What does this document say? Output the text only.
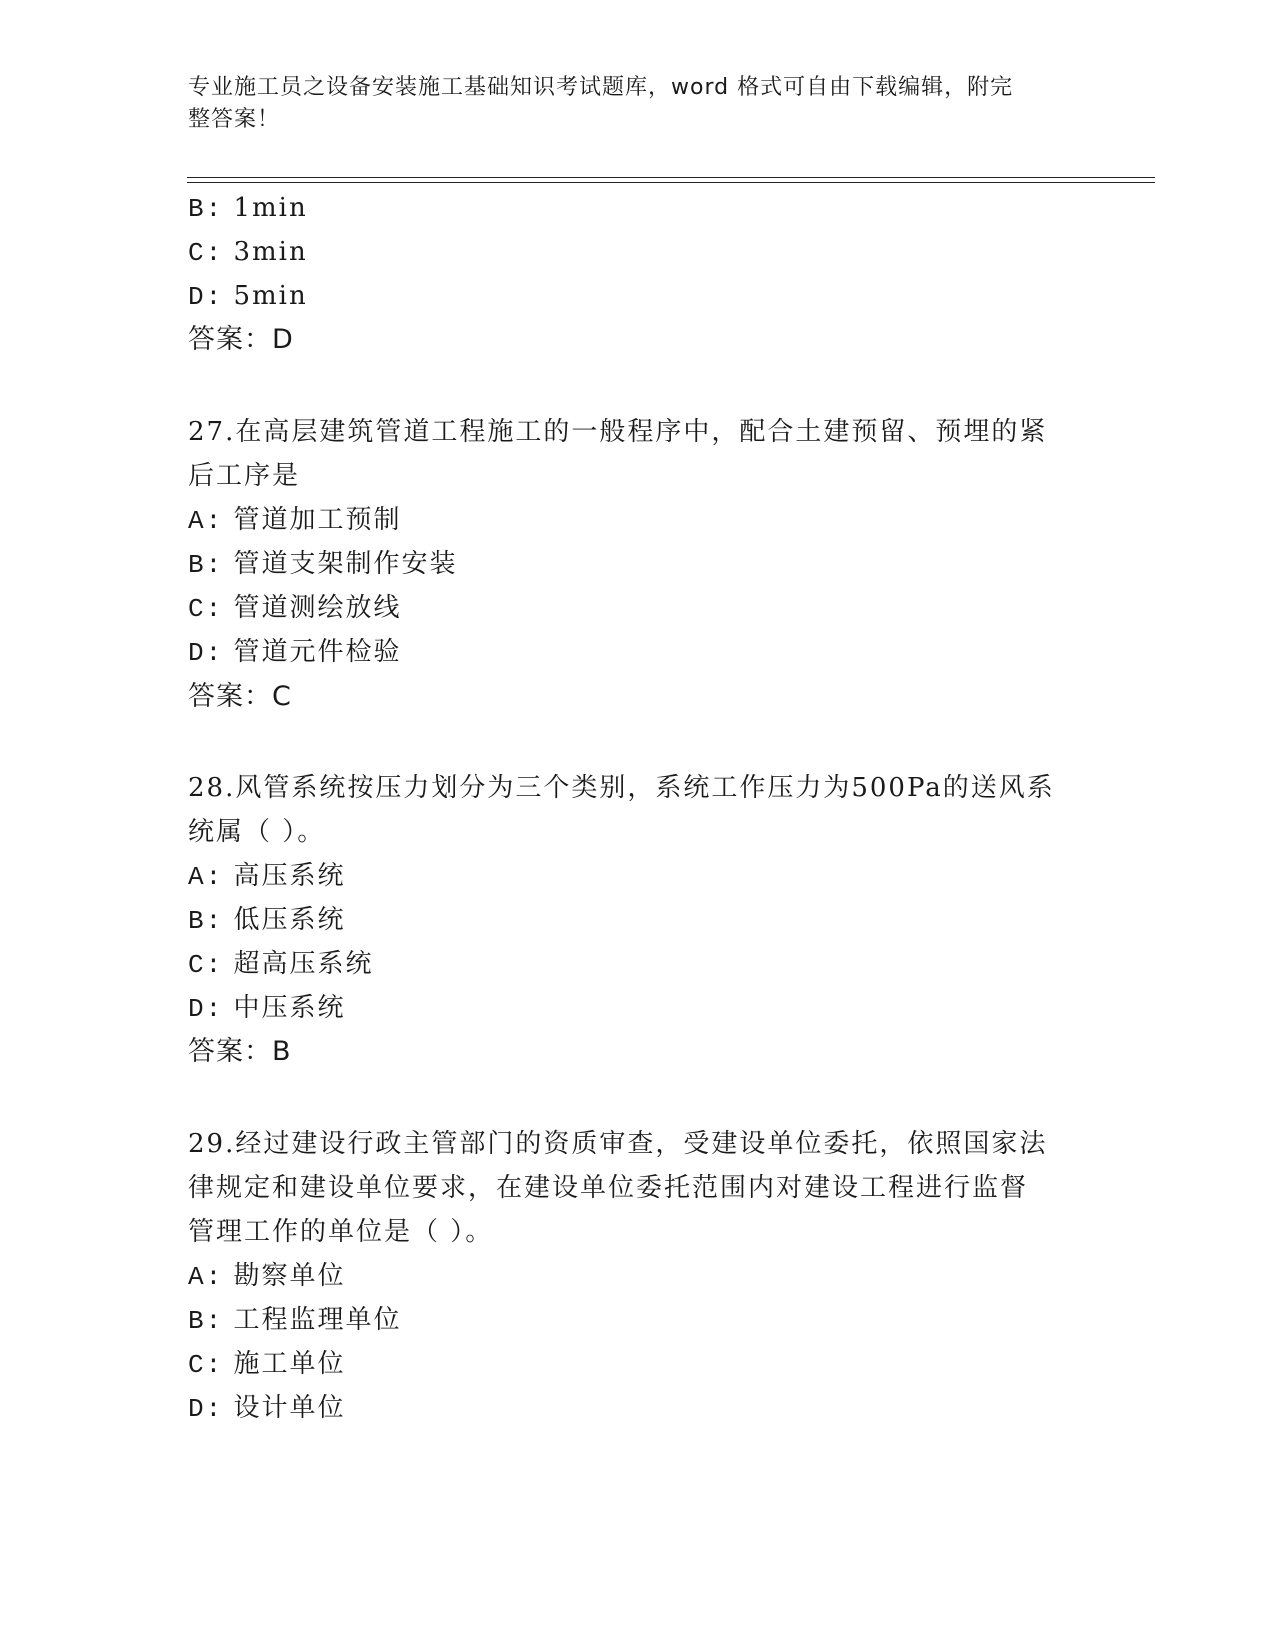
专业施工员之设备安装施工基础知识考试题库，word 格式可自由下载编辑，附完
整答案！
B: 1min
C: 3min
D: 5min
答案：D
27.在高层建筑管道工程施工的一般程序中，配合土建预留、预埋的紧
后工序是
A: 管道加工预制
B: 管道支架制作安装
C: 管道测绘放线
D: 管道元件检验
答案：C
28.风管系统按压力划分为三个类别，系统工作压力为500Pa的送风系
统属（ ）。
A: 高压系统
B: 低压系统
C: 超高压系统
D: 中压系统
答案：B
29.经过建设行政主管部门的资质审查，受建设单位委托，依照国家法
律规定和建设单位要求，在建设单位委托范围内对建设工程进行监督
管理工作的单位是（ ）。
A: 勘察单位
B: 工程监理单位
C: 施工单位
D: 设计单位
